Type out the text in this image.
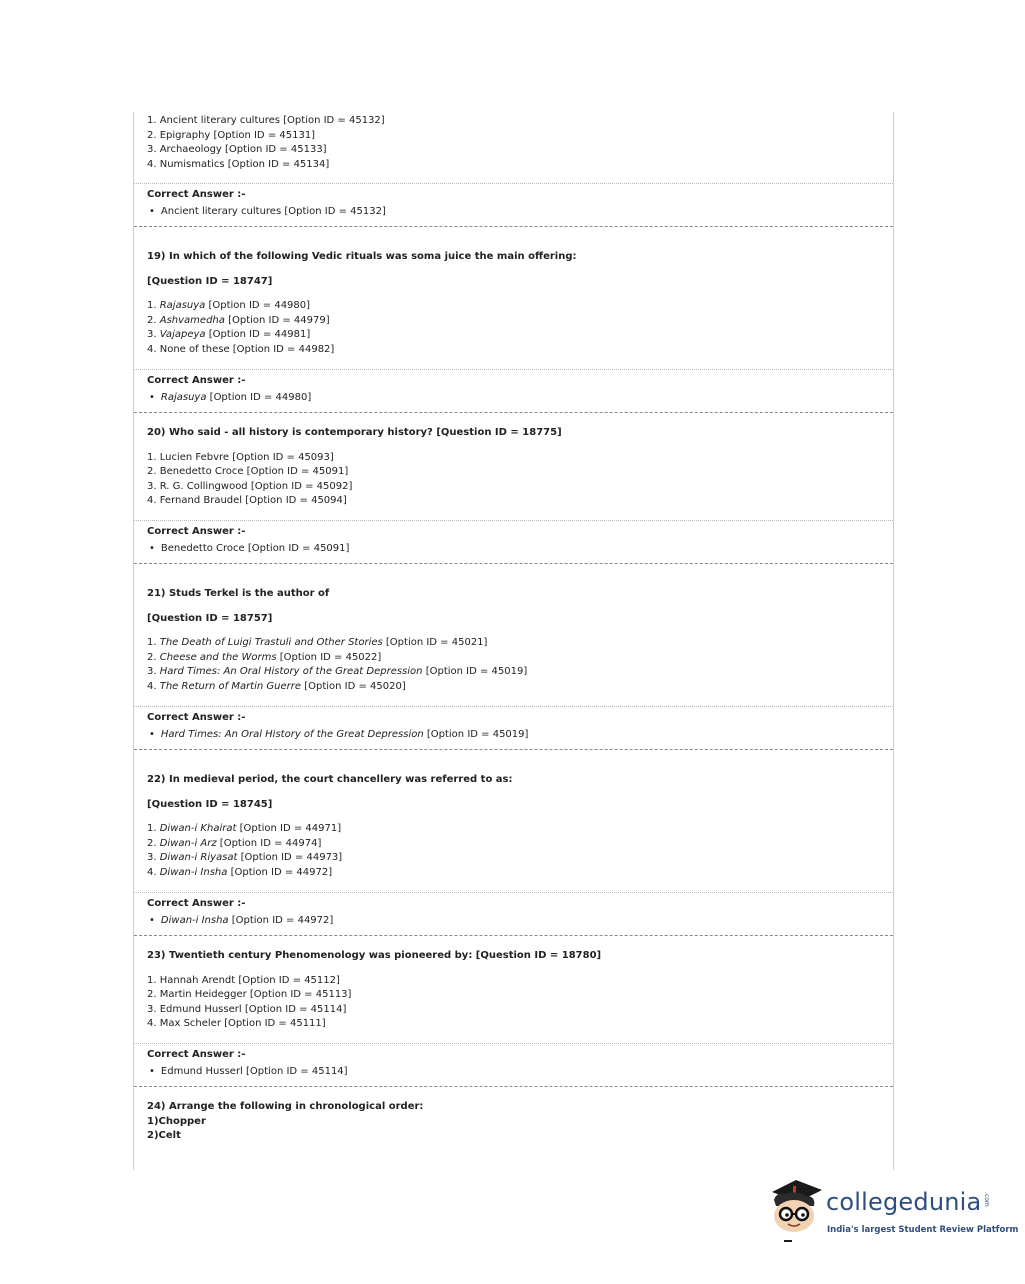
1. Ancient literary cultures [Option ID = 45132]
2. Epigraphy [Option ID = 45131]
3. Archaeology [Option ID = 45133]
4. Numismatics [Option ID = 45134]
Correct Answer :-
• Ancient literary cultures [Option ID = 45132]
19) In which of the following Vedic rituals was soma juice the main offering:
[Question ID = 18747]
1. Rajasuya [Option ID = 44980]
2. Ashvamedha [Option ID = 44979]
3. Vajapeya [Option ID = 44981]
4. None of these [Option ID = 44982]
Correct Answer :-
• Rajasuya [Option ID = 44980]
20) Who said - all history is contemporary history? [Question ID = 18775]
1. Lucien Febvre [Option ID = 45093]
2. Benedetto Croce [Option ID = 45091]
3. R. G. Collingwood [Option ID = 45092]
4. Fernand Braudel [Option ID = 45094]
Correct Answer :-
• Benedetto Croce [Option ID = 45091]
21) Studs Terkel is the author of
[Question ID = 18757]
1. The Death of Luigi Trastuli and Other Stories [Option ID = 45021]
2. Cheese and the Worms [Option ID = 45022]
3. Hard Times: An Oral History of the Great Depression [Option ID = 45019]
4. The Return of Martin Guerre [Option ID = 45020]
Correct Answer :-
• Hard Times: An Oral History of the Great Depression [Option ID = 45019]
22) In medieval period, the court chancellery was referred to as:
[Question ID = 18745]
1. Diwan-i Khairat [Option ID = 44971]
2. Diwan-i Arz [Option ID = 44974]
3. Diwan-i Riyasat [Option ID = 44973]
4. Diwan-i Insha [Option ID = 44972]
Correct Answer :-
• Diwan-i Insha [Option ID = 44972]
23) Twentieth century Phenomenology was pioneered by: [Question ID = 18780]
1. Hannah Arendt [Option ID = 45112]
2. Martin Heidegger [Option ID = 45113]
3. Edmund Husserl [Option ID = 45114]
4. Max Scheler [Option ID = 45111]
Correct Answer :-
• Edmund Husserl [Option ID = 45114]
24) Arrange the following in chronological order:
1)Chopper
2)Celt
collegedunia .com
India's largest Student Review Platform
